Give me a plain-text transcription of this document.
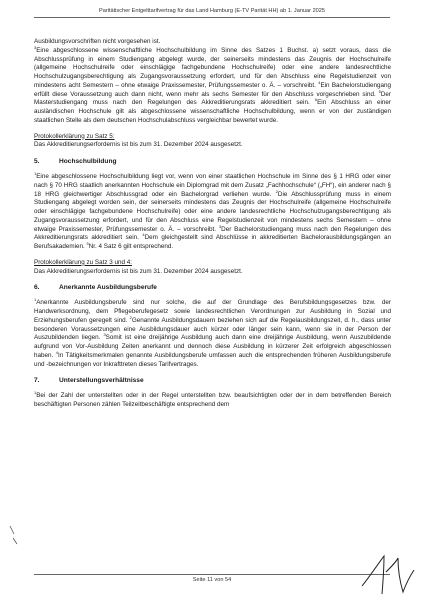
Paritätischer Entgelttarifvertrag für das Land Hamburg (E-TV Parität HH) ab 1. Januar 2025

Ausbildungsvorschriften nicht vorgesehen ist.

$^3$Eine abgeschlossene wissenschaftliche Hochschulbildung im Sinne des Satzes 1 Buchst. a) setzt voraus, dass die Abschlussprüfung in einem Studiengang abgelegt wurde, der seinerseits mindestens das Zeugnis der Hochschulreife (allgemeine Hochschulreife oder einschlägige fachgebundene Hochschulreife) oder eine andere landesrechtliche Hochschulzugangsberechtigung als Zugangsvoraussetzung erfordert, und für den Abschluss eine Regelstudienzeit von mindestens acht Semestern – ohne etwaige Praxissemester, Prüfungssemester o. Ä. – vorschreibt. $^4$Ein Bachelorstudiengang erfüllt diese Voraussetzung auch dann nicht, wenn mehr als sechs Semester für den Abschluss vorgeschrieben sind. $^5$Der Masterstudiengang muss nach den Regelungen des Akkreditierungsrats akkreditiert sein. $^6$Ein Abschluss an einer ausländischen Hochschule gilt als abgeschlossene wissenschaftliche Hochschulbildung, wenn er von der zuständigen staatlichen Stelle als dem deutschen Hochschulabschluss vergleichbar bewertet wurde.

Protokollerklärung zu Satz 5:

Das Akkreditierungserfordernis ist bis zum 31. Dezember 2024 ausgesetzt.

5.	Hochschulbildung

$^1$Eine abgeschlossene Hochschulbildung liegt vor, wenn von einer staatlichen Hochschule im Sinne des § 1 HRG oder einer nach § 70 HRG staatlich anerkannten Hochschule ein Diplomgrad mit dem Zusatz „Fachhochschule“ („FH“), ein anderer nach § 18 HRG gleichwertiger Abschlussgrad oder ein Bachelorgrad verliehen wurde. $^2$Die Abschlussprüfung muss in einem Studiengang abgelegt worden sein, der seinerseits mindestens das Zeugnis der Hochschulreife (allgemeine Hochschulreife oder einschlägige fachgebundene Hochschulreife) oder eine andere landesrechtliche Hochschulzugangsberechtigung als Zugangsvoraussetzung erfordert, und für den Abschluss eine Regelstudienzeit von mindestens sechs Semestern – ohne etwaige Praxissemester, Prüfungssemester o. Ä. – vorschreibt. $^3$Der Bachelorstudiengang muss nach den Regelungen des Akkreditierungsrats akkreditiert sein. $^4$Dem gleichgestellt sind Abschlüsse in akkreditierten Bachelorausbildungsgängen an Berufsakademien. $^5$Nr. 4 Satz 6 gilt entsprechend.

Protokollerklärung zu Satz 3 und 4:

Das Akkreditierungserfordernis ist bis zum 31. Dezember 2024 ausgesetzt.

6.	Anerkannte Ausbildungsberufe

$^1$Anerkannte Ausbildungsberufe sind nur solche, die auf der Grundlage des Berufsbildungsgesetzes bzw. der Handwerksordnung, dem Pflegeberufegesetz sowie landesrechtlichen Verordnungen zur Ausbildung in Sozial und Erziehungsberufen geregelt sind. $^2$Genannte Ausbildungsdauern beziehen sich auf die Regelausbildungszeit, d. h., dass unter besonderen Voraussetzungen eine Ausbildungsdauer auch kürzer oder länger sein kann, wenn sie in der Person der Auszubildenden liegen. $^3$Somit ist eine dreijährige Ausbildung auch dann eine dreijährige Ausbildung, wenn Auszubildende aufgrund von Vor-Ausbildung Zeiten anerkannt und dennoch diese Ausbildung in kürzerer Zeit erfolgreich abgeschlossen haben. $^4$In Tätigkeitsmerkmalen genannte Ausbildungsberufe umfassen auch die entsprechenden früheren Ausbildungsberufe und -bezeichnungen vor Inkrafttreten dieses Tarifvertrages.

7.	Unterstellungsverhältnisse

$^1$Bei der Zahl der unterstellten oder in der Regel unterstellten bzw. beaufsichtigten oder der in dem betreffenden Bereich beschäftigten Personen zählen Teilzeitbeschäftigte entsprechend dem

Seite 11 von 54
